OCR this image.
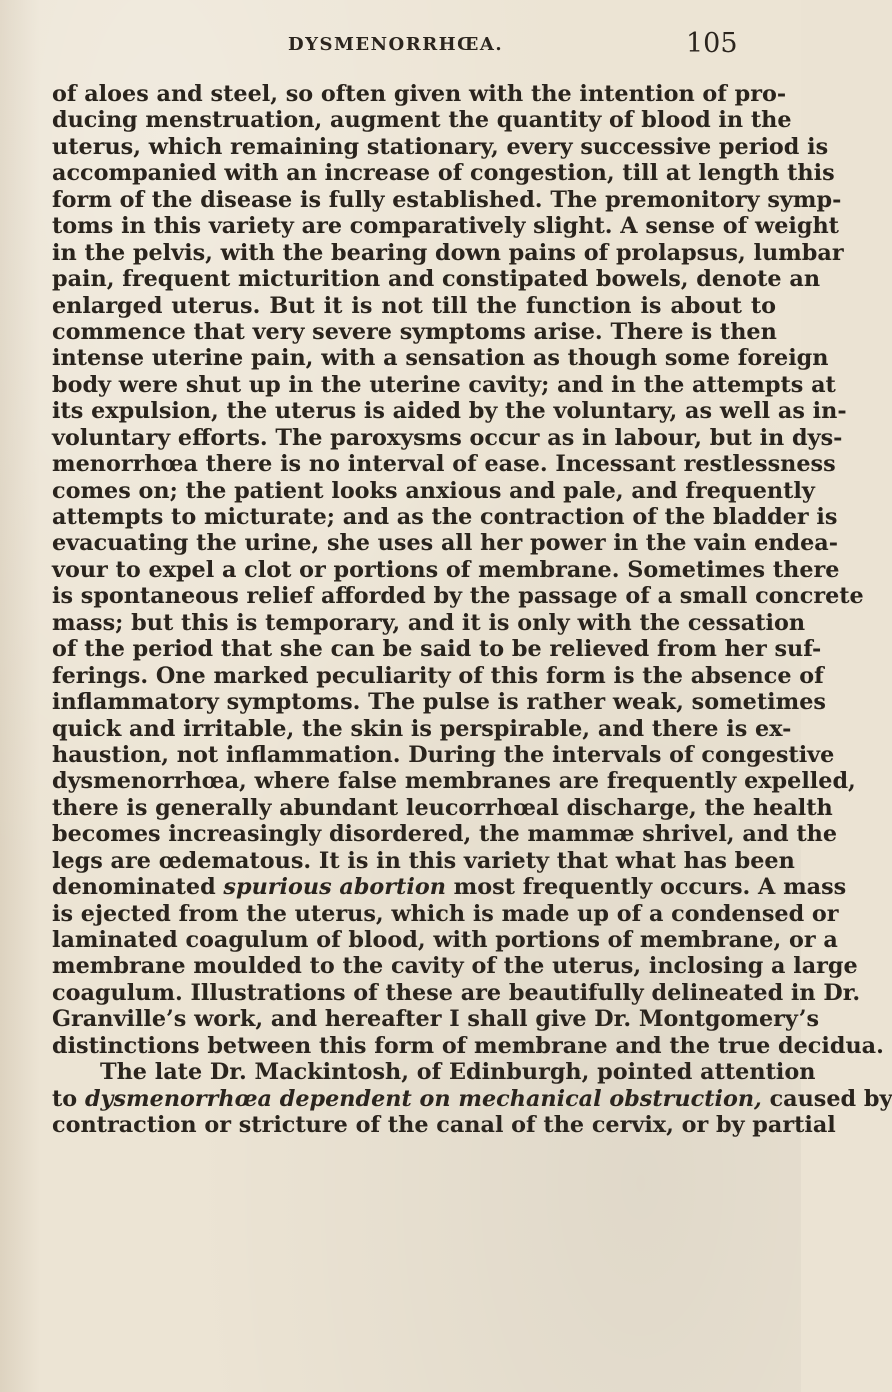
DYSMENORRHŒA.	105
of aloes and steel, so often given with the intention of pro-
ducing menstruation, augment the quantity of blood in the
uterus, which remaining stationary, every successive period is
accompanied with an increase of congestion, till at length this
form of the disease is fully established. The premonitory symp-
toms in this variety are comparatively slight. A sense of weight
in the pelvis, with the bearing down pains of prolapsus, lumbar
pain, frequent micturition and constipated bowels, denote an
enlarged uterus. But it is not till the function is about to
commence that very severe symptoms arise. There is then
intense uterine pain, with a sensation as though some foreign
body were shut up in the uterine cavity; and in the attempts at
its expulsion, the uterus is aided by the voluntary, as well as in-
voluntary efforts. The paroxysms occur as in labour, but in dys-
menorrhœa there is no interval of ease. Incessant restlessness
comes on; the patient looks anxious and pale, and frequently
attempts to micturate; and as the contraction of the bladder is
evacuating the urine, she uses all her power in the vain endea-
vour to expel a clot or portions of membrane. Sometimes there
is spontaneous relief afforded by the passage of a small concrete
mass; but this is temporary, and it is only with the cessation
of the period that she can be said to be relieved from her suf-
ferings. One marked peculiarity of this form is the absence of
inflammatory symptoms. The pulse is rather weak, sometimes
quick and irritable, the skin is perspirable, and there is ex-
haustion, not inflammation. During the intervals of congestive
dysmenorrhœa, where false membranes are frequently expelled,
there is generally abundant leucorrhœal discharge, the health
becomes increasingly disordered, the mammæ shrivel, and the
legs are œdematous. It is in this variety that what has been
denominated spurious abortion most frequently occurs. A mass
is ejected from the uterus, which is made up of a condensed or
laminated coagulum of blood, with portions of membrane, or a
membrane moulded to the cavity of the uterus, inclosing a large
coagulum. Illustrations of these are beautifully delineated in Dr.
Granville’s work, and hereafter I shall give Dr. Montgomery’s
distinctions between this form of membrane and the true decidua.
The late Dr. Mackintosh, of Edinburgh, pointed attention
to dysmenorrhœa dependent on mechanical obstruction, caused by
contraction or stricture of the canal of the cervix, or by partial
